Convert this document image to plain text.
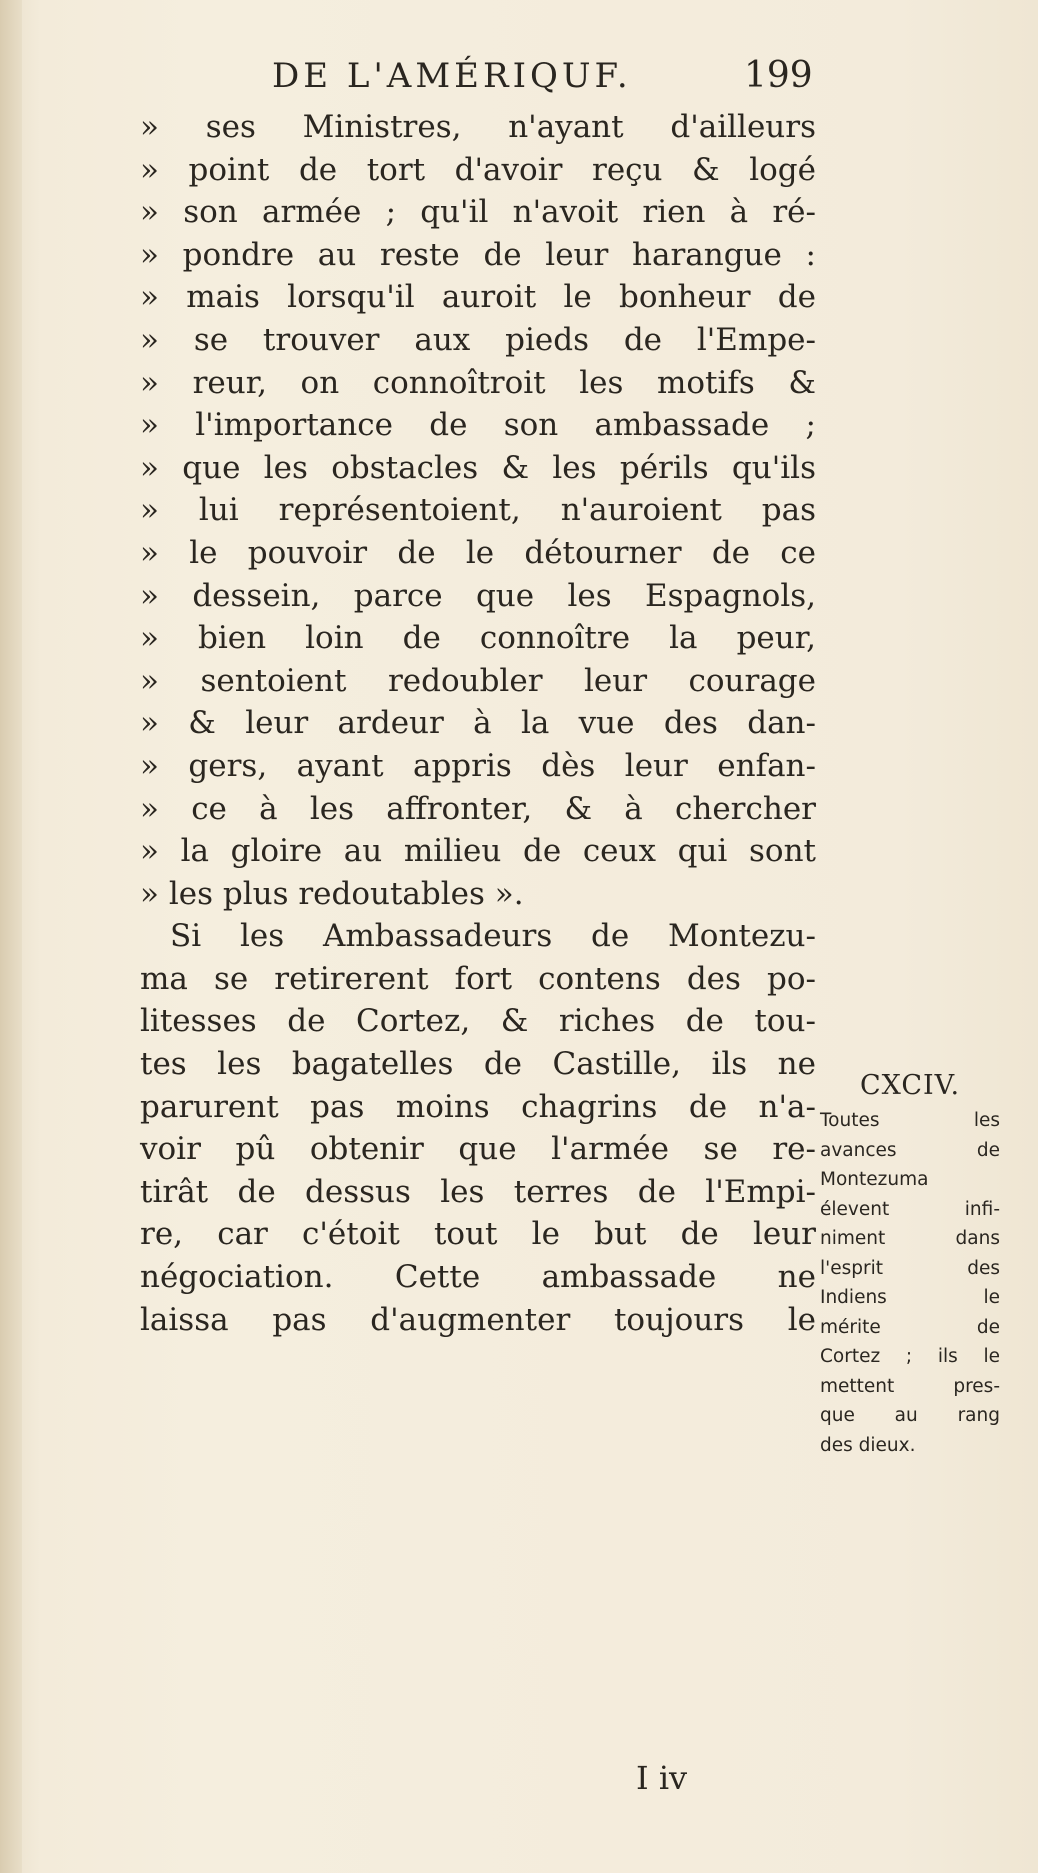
DE L'AMÉRIQUF.	199
» ses Ministres, n'ayant d'ailleurs
» point de tort d'avoir reçu & logé
» son armée ; qu'il n'avoit rien à ré-
» pondre au reste de leur harangue :
» mais lorsqu'il auroit le bonheur de
» se trouver aux pieds de l'Empe-
» reur, on connoîtroit les motifs &
» l'importance de son ambassade ;
» que les obstacles & les périls qu'ils
» lui représentoient, n'auroient pas
» le pouvoir de le détourner de ce
» dessein, parce que les Espagnols,
» bien loin de connoître la peur,
» sentoient redoubler leur courage
» & leur ardeur à la vue des dan-
» gers, ayant appris dès leur enfan-
» ce à les affronter, & à chercher
» la gloire au milieu de ceux qui sont
» les plus redoutables ».
Si les Ambassadeurs de Montezu-
ma se retirerent fort contens des po-
litesses de Cortez, & riches de tou-
tes les bagatelles de Castille, ils ne
parurent pas moins chagrins de n'a-
voir pû obtenir que l'armée se re-
tirât de dessus les terres de l'Empi-
re, car c'étoit tout le but de leur
négociation. Cette ambassade ne
laissa pas d'augmenter toujours le
CXCIV.
Toutes les
avances de
Montezuma
élevent infi-
niment dans
l'esprit des
Indiens le
mérite de
Cortez ; ils le
mettent pres-
que au rang
des dieux.
I iv
